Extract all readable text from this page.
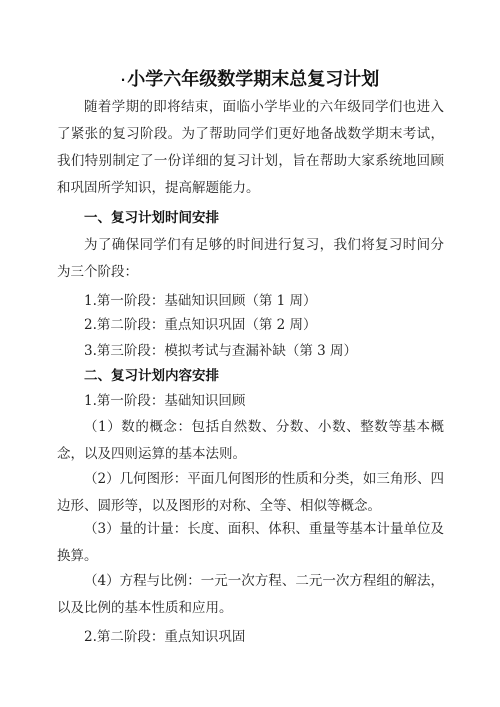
· 小学六年级数学期末总复习计划

随着学期的即将结束，面临小学毕业的六年级同学们也进入了紧张的复习阶段。为了帮助同学们更好地备战数学期末考试，我们特别制定了一份详细的复习计划，旨在帮助大家系统地回顾和巩固所学知识，提高解题能力。

一、复习计划时间安排

为了确保同学们有足够的时间进行复习，我们将复习时间分为三个阶段：

1.第一阶段：基础知识回顾（第 1 周）

2.第二阶段：重点知识巩固（第 2 周）

3.第三阶段：模拟考试与查漏补缺（第 3 周）

二、复习计划内容安排

1.第一阶段：基础知识回顾

（1）数的概念：包括自然数、分数、小数、整数等基本概念，以及四则运算的基本法则。

（2）几何图形：平面几何图形的性质和分类，如三角形、四边形、圆形等，以及图形的对称、全等、相似等概念。

（3）量的计量：长度、面积、体积、重量等基本计量单位及换算。

（4）方程与比例：一元一次方程、二元一次方程组的解法，以及比例的基本性质和应用。

2.第二阶段：重点知识巩固
